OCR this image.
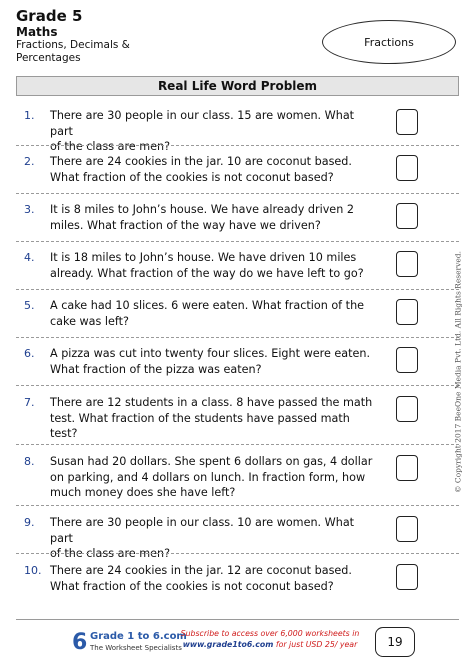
Grade 5
Maths
Fractions, Decimals &
Percentages
Fractions
Real Life Word Problem
1. There are 30 people in our class. 15 are women. What part
of the class are men?
2. There are 24 cookies in the jar. 10 are coconut based.
What fraction of the cookies is not coconut based?
3. It is 8 miles to John’s house. We have already driven 2
miles. What fraction of the way have we driven?
4. It is 18 miles to John’s house. We have driven 10 miles
already. What fraction of the way do we have left to go?
5. A cake had 10 slices. 6 were eaten. What fraction of the
cake was left?
6. A pizza was cut into twenty four slices. Eight were eaten.
What fraction of the pizza was eaten?
7. There are 12 students in a class. 8 have passed the math
test. What fraction of the students have passed math
test?
8. Susan had 20 dollars. She spent 6 dollars on gas, 4 dollar
on parking, and 4 dollars on lunch. In fraction form, how
much money does she have left?
9. There are 30 people in our class. 10 are women. What part
of the class are men?
10. There are 24 cookies in the jar. 12 are coconut based.
What fraction of the cookies is not coconut based?
© Copyright 2017 BeeOne Media Pvt. Ltd. All Rights Reserved.
6 Grade 1 to 6.com
The Worksheet Specialists
Subscribe to access over 6,000 worksheets in
www.grade1to6.com for just USD 25/ year	19
